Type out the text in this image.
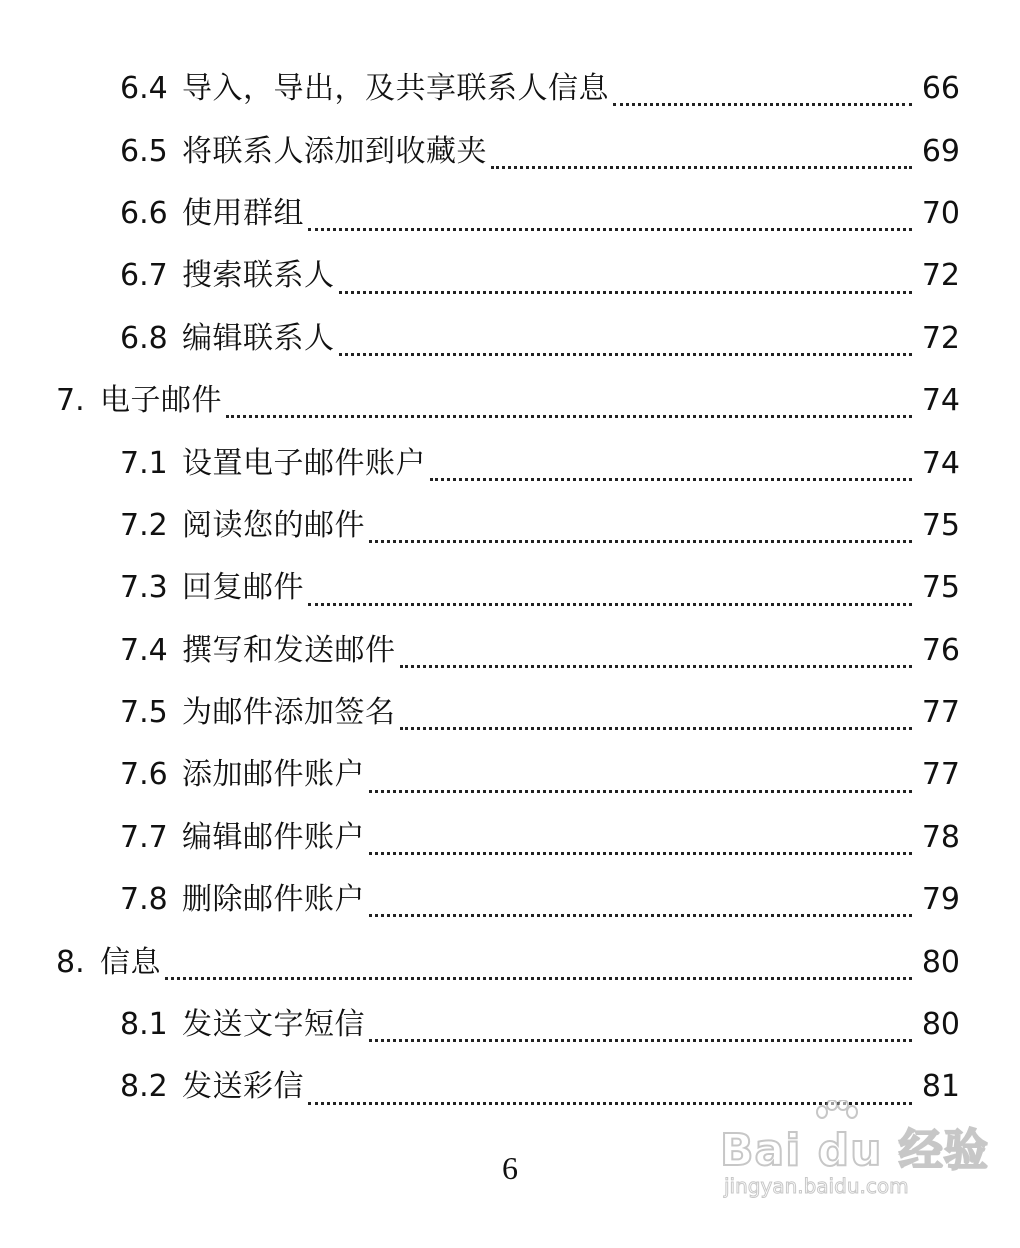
6.4 导入，导出，及共享联系人信息	66
6.5 将联系人添加到收藏夹	69
6.6 使用群组	70
6.7 搜索联系人	72
6.8 编辑联系人	72
7. 电子邮件	74
7.1 设置电子邮件账户	74
7.2 阅读您的邮件	75
7.3 回复邮件	75
7.4 撰写和发送邮件	76
7.5 为邮件添加签名	77
7.6 添加邮件账户	77
7.7 编辑邮件账户	78
7.8 删除邮件账户	79
8. 信息	80
8.1 发送文字短信	80
8.2 发送彩信	81
6	Bai du 经验
jingyan.baidu.com
